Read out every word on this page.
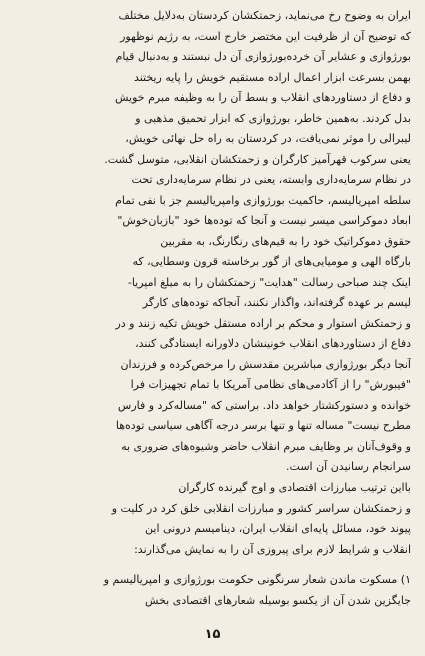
ایران به وضوح رخ می‌نماید، زحمتکشان کردستان به‌دلایل مختلف
که توضیح آن از ظرفیت این مختصر خارج است، به رژیم نوظهور
بورژوازی و عشایر آن خرده‌بورژوازی آن دل نبستند و به‌دنبال قیام
بهمن بسرعت ابزار اعمال اراده مستقیم خویش را پایه ریختند
و دفاع از دستاوردهای انقلاب و بسط آن را به وظیفه مبرم خویش
بدل کردند. به‌همین خاطر، بورژوازی که ابزار تحمیق مذهبی و
لیبرالی را موثر نمی‌یافت، در کردستان به راه حل نهائی خویش،
یعنی سرکوب قهرآمیز کارگران و زحمتکشان انقلابی، متوسل گشت.
در نظام سرمایه‌داری وابسته، یعنی در نظام سرمایه‌داری تحت
سلطه امپریالیسم، حاکمیت بورژوازی وامپریالیسم جز با نفی تمام
ابعاد دموکراسی میسر نیست و آنجا که توده‌ها خود "بازبان‌خوش"
حقوق دموکراتیک خود را به قیم‌های رنگارنگ، به مقربین
بارگاه الهی و مومیایی‌های از گور برخاسته قرون وسطایی، که
اینک چند صباحی رسالت "هدایت" زحمتکشان را به مبلغ امپریا-
لیسم بر عهده گرفته‌اند، واگذار نکنند، آنجاکه توده‌های کارگر
و زحمتکش استوار و محکم بر اراده مستقل خویش تکیه زنند و در
دفاع از دستاوردهای انقلاب خونینشان دلاورانه ایستادگی کنند،
آنجا دیگر بورژوازی مباشرین مقدسش را مرخص‌کرده و فرزندان
"فیبورش" را از آکادمی‌های نظامی آمریکا با تمام تجهیزات فرا
خوانده و دستورکشتار خواهد داد. براستی که "مساله‌کرد و فارس
مطرح نیست" مساله تنها و تنها برسر درجه آگاهی سیاسی توده‌ها
و وقوف‌آنان بر وظایف مبرم انقلاب حاضر وشیوه‌های ضروری به
سرانجام رسانیدن آن است.
با‌این ترتیب مبارزات اقتصادی و اوج گیرنده کارگران
و زحمتکشان سراسر کشور و مبارزات انقلابی خلق کرد در کلیت و
پیوند خود، مسائل پایه‌ای انقلاب ایران، دینامیسم درونی این
انقلاب و شرایط لازم برای پیروزی آن را به نمایش می‌گذارند:
۱) مسکوت ماندن شعار سرنگونی حکومت بورژوازی و امپریالیسم و
جایگزین شدن آن از یکسو بوسیله شعارهای اقتصادی بخش
۱۵
